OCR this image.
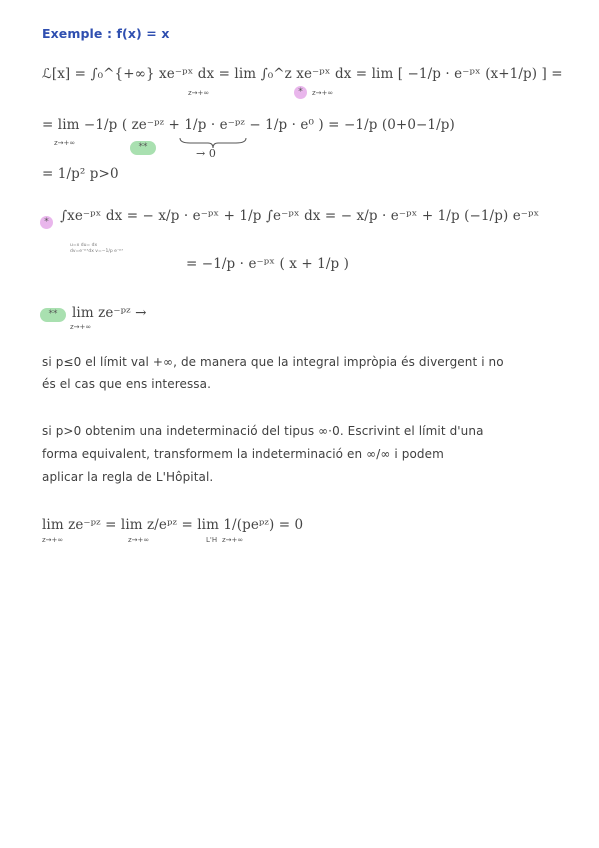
Exemple : f(x) = x
ℒ[x] = ∫₀^{+∞} xe⁻ᵖˣ dx = lim ∫₀^z xe⁻ᵖˣ dx = lim [ −1/p · e⁻ᵖˣ (x+1/p) ] =
z→+∞	*	z→+∞
= lim −1/p ( ze⁻ᵖᶻ + 1/p · e⁻ᵖᶻ − 1/p · e⁰ ) = −1/p (0+0−1/p)
z→+∞	**	→ 0
= 1/p² p>0
* ∫xe⁻ᵖˣ dx = − x/p · e⁻ᵖˣ + 1/p ∫e⁻ᵖˣ dx = − x/p · e⁻ᵖˣ + 1/p (−1/p) e⁻ᵖˣ
u=x du= dx
dv=e⁻ᵖˣdx v=−1/p e⁻ᵖˣ
= −1/p · e⁻ᵖˣ ( x + 1/p )
**	lim ze⁻ᵖᶻ →
z→+∞
si p≤0 el límit val +∞, de manera que la integral impròpia és divergent i no
és el cas que ens interessa.
si p>0 obtenim una indeterminació del tipus ∞·0. Escrivint el límit d'una
forma equivalent, transformem la indeterminació en ∞/∞ i podem
aplicar la regla de L'Hôpital.
lim ze⁻ᵖᶻ = lim z/eᵖᶻ = lim 1/(peᵖᶻ) = 0
z→+∞	z→+∞	L'H z→+∞
